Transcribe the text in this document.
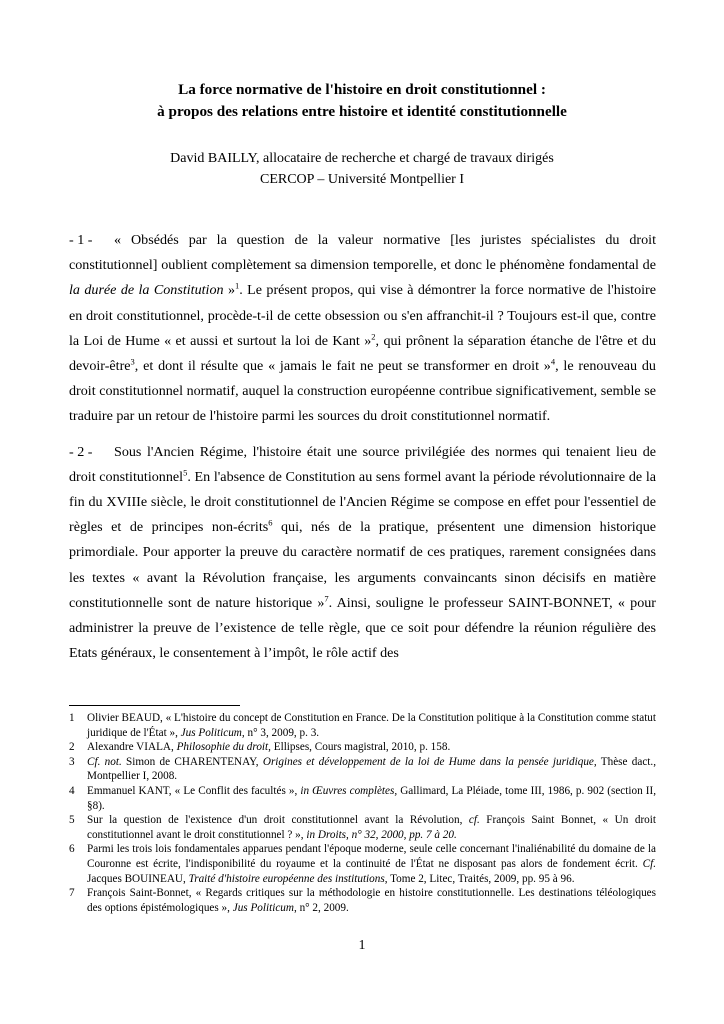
La force normative de l'histoire en droit constitutionnel :
à propos des relations entre histoire et identité constitutionnelle
David BAILLY, allocataire de recherche et chargé de travaux dirigés
CERCOP – Université Montpellier I

- 1 - « Obsédés par la question de la valeur normative [les juristes spécialistes du droit constitutionnel] oublient complètement sa dimension temporelle, et donc le phénomène fondamental de la durée de la Constitution »$^1$. Le présent propos, qui vise à démontrer la force normative de l'histoire en droit constitutionnel, procède-t-il de cette obsession ou s'en affranchit-il ? Toujours est-il que, contre la Loi de Hume « et aussi et surtout la loi de Kant »$^2$, qui prônent la séparation étanche de l'être et du devoir-être$^3$, et dont il résulte que « jamais le fait ne peut se transformer en droit »$^4$, le renouveau du droit constitutionnel normatif, auquel la construction européenne contribue significativement, semble se traduire par un retour de l'histoire parmi les sources du droit constitutionnel normatif.

- 2 - Sous l'Ancien Régime, l'histoire était une source privilégiée des normes qui tenaient lieu de droit constitutionnel$^5$. En l'absence de Constitution au sens formel avant la période révolutionnaire de la fin du XVIIIe siècle, le droit constitutionnel de l'Ancien Régime se compose en effet pour l'essentiel de règles et de principes non-écrits$^6$ qui, nés de la pratique, présentent une dimension historique primordiale. Pour apporter la preuve du caractère normatif de ces pratiques, rarement consignées dans les textes « avant la Révolution française, les arguments convaincants sinon décisifs en matière constitutionnelle sont de nature historique »$^7$. Ainsi, souligne le professeur SAINT-BONNET, « pour administrer la preuve de l’existence de telle règle, que ce soit pour défendre la réunion régulière des Etats généraux, le consentement à l’impôt, le rôle actif des

1	Olivier BEAUD, « L'histoire du concept de Constitution en France. De la Constitution politique à la Constitution comme statut juridique de l'État », Jus Politicum, n° 3, 2009, p. 3.
2	Alexandre VIALA, Philosophie du droit, Ellipses, Cours magistral, 2010, p. 158.
3	Cf. not. Simon de CHARENTENAY, Origines et développement de la loi de Hume dans la pensée juridique, Thèse dact., Montpellier I, 2008.
4	Emmanuel KANT, « Le Conflit des facultés », in Œuvres complètes, Gallimard, La Pléiade, tome III, 1986, p. 902 (section II, §8).
5	Sur la question de l'existence d'un droit constitutionnel avant la Révolution, cf. François Saint Bonnet, « Un droit constitutionnel avant le droit constitutionnel ? », in Droits, n° 32, 2000, pp. 7 à 20.
6	Parmi les trois lois fondamentales apparues pendant l'époque moderne, seule celle concernant l'inaliénabilité du domaine de la Couronne est écrite, l'indisponibilité du royaume et la continuité de l'État ne disposant pas alors de fondement écrit. Cf. Jacques BOUINEAU, Traité d'histoire européenne des institutions, Tome 2, Litec, Traités, 2009, pp. 95 à 96.
7	François Saint-Bonnet, « Regards critiques sur la méthodologie en histoire constitutionnelle. Les destinations téléologiques des options épistémologiques », Jus Politicum, n° 2, 2009.
1
